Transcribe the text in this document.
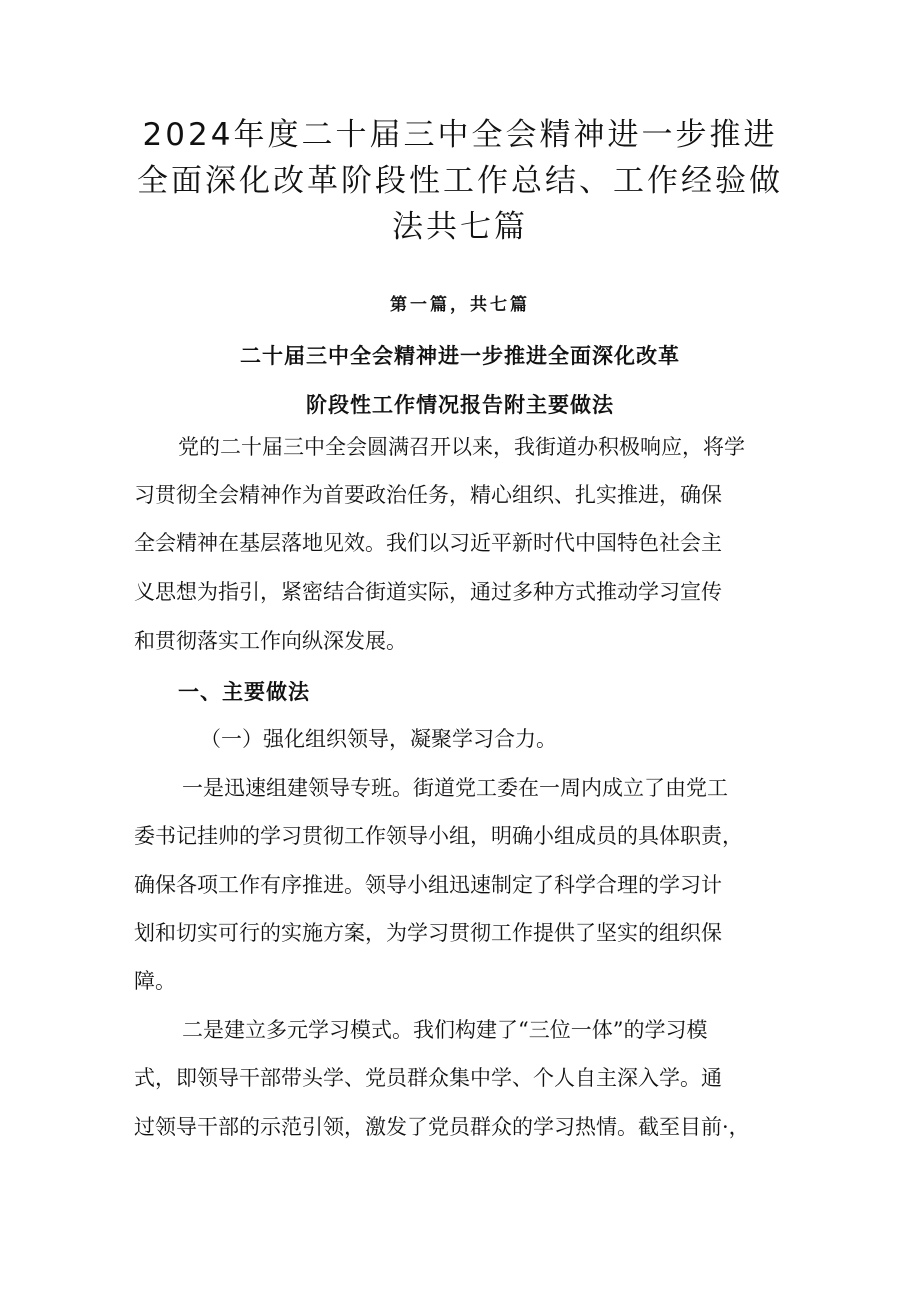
2024年度二十届三中全会精神进一步推进
全面深化改革阶段性工作总结、工作经验做
法共七篇
第一篇，共七篇
二十届三中全会精神进一步推进全面深化改革
阶段性工作情况报告附主要做法
党的二十届三中全会圆满召开以来，我街道办积极响应，将学
习贯彻全会精神作为首要政治任务，精心组织、扎实推进，确保
全会精神在基层落地见效。我们以习近平新时代中国特色社会主
义思想为指引，紧密结合街道实际，通过多种方式推动学习宣传
和贯彻落实工作向纵深发展。
一、主要做法
（一）强化组织领导，凝聚学习合力。
一是迅速组建领导专班。街道党工委在一周内成立了由党工
委书记挂帅的学习贯彻工作领导小组，明确小组成员的具体职责，
确保各项工作有序推进。领导小组迅速制定了科学合理的学习计
划和切实可行的实施方案，为学习贯彻工作提供了坚实的组织保
障。
二是建立多元学习模式。我们构建了“三位一体”的学习模
式，即领导干部带头学、党员群众集中学、个人自主深入学。通
过领导干部的示范引领，激发了党员群众的学习热情。截至目前·，
